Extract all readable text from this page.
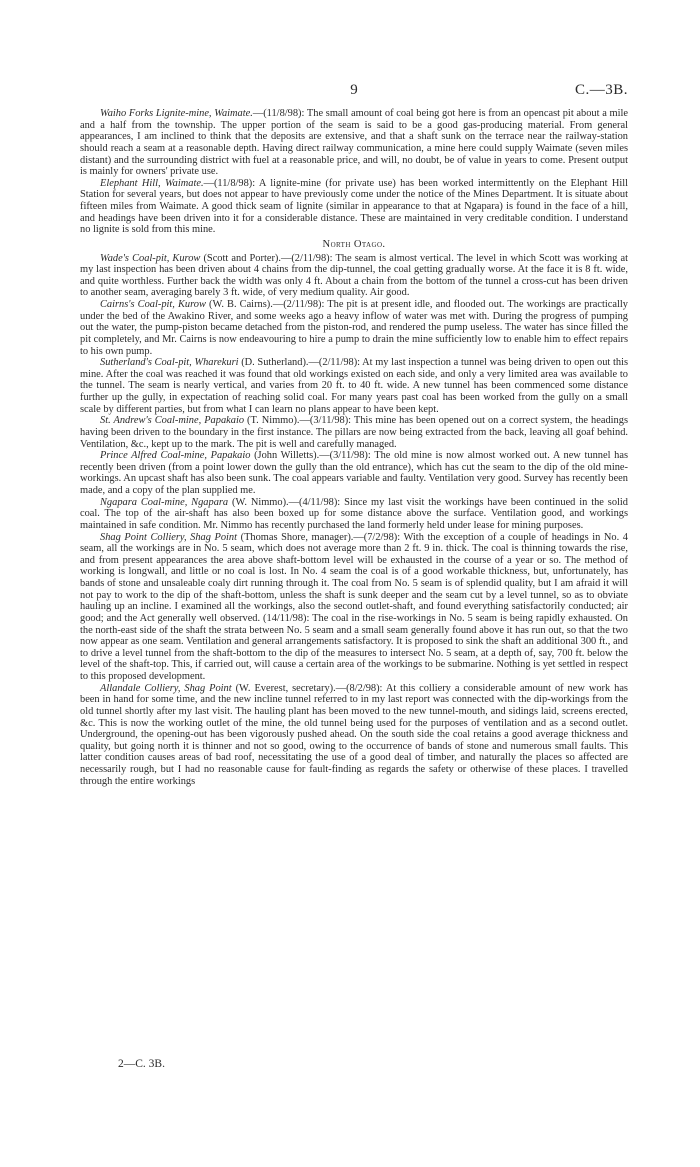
9	C.—3B.

Waiho Forks Lignite-mine, Waimate.—(11/8/98): The small amount of coal being got here is from an opencast pit about a mile and a half from the township. The upper portion of the seam is said to be a good gas-producing material. From general appearances, I am inclined to think that the deposits are extensive, and that a shaft sunk on the terrace near the railway-station should reach a seam at a reasonable depth. Having direct railway communication, a mine here could supply Waimate (seven miles distant) and the surrounding district with fuel at a reasonable price, and will, no doubt, be of value in years to come. Present output is mainly for owners' private use.

Elephant Hill, Waimate.—(11/8/98): A lignite-mine (for private use) has been worked intermittently on the Elephant Hill Station for several years, but does not appear to have previously come under the notice of the Mines Department. It is situate about fifteen miles from Waimate. A good thick seam of lignite (similar in appearance to that at Ngapara) is found in the face of a hill, and headings have been driven into it for a considerable distance. These are maintained in very creditable condition. I understand no lignite is sold from this mine.

North Otago.

Wade's Coal-pit, Kurow (Scott and Porter).—(2/11/98): The seam is almost vertical. The level in which Scott was working at my last inspection has been driven about 4 chains from the dip-tunnel, the coal getting gradually worse. At the face it is 8 ft. wide, and quite worthless. Further back the width was only 4 ft. About a chain from the bottom of the tunnel a cross-cut has been driven to another seam, averaging barely 3 ft. wide, of very medium quality. Air good.

Cairns's Coal-pit, Kurow (W. B. Cairns).—(2/11/98): The pit is at present idle, and flooded out. The workings are practically under the bed of the Awakino River, and some weeks ago a heavy inflow of water was met with. During the progress of pumping out the water, the pump-piston became detached from the piston-rod, and rendered the pump useless. The water has since filled the pit completely, and Mr. Cairns is now endeavouring to hire a pump to drain the mine sufficiently low to enable him to effect repairs to his own pump.

Sutherland's Coal-pit, Wharekuri (D. Sutherland).—(2/11/98): At my last inspection a tunnel was being driven to open out this mine. After the coal was reached it was found that old workings existed on each side, and only a very limited area was available to the tunnel. The seam is nearly vertical, and varies from 20 ft. to 40 ft. wide. A new tunnel has been commenced some distance further up the gully, in expectation of reaching solid coal. For many years past coal has been worked from the gully on a small scale by different parties, but from what I can learn no plans appear to have been kept.

St. Andrew's Coal-mine, Papakaio (T. Nimmo).—(3/11/98): This mine has been opened out on a correct system, the headings having been driven to the boundary in the first instance. The pillars are now being extracted from the back, leaving all goaf behind. Ventilation, &c., kept up to the mark. The pit is well and carefully managed.

Prince Alfred Coal-mine, Papakaio (John Willetts).—(3/11/98): The old mine is now almost worked out. A new tunnel has recently been driven (from a point lower down the gully than the old entrance), which has cut the seam to the dip of the old mine-workings. An upcast shaft has also been sunk. The coal appears variable and faulty. Ventilation very good. Survey has recently been made, and a copy of the plan supplied me.

Ngapara Coal-mine, Ngapara (W. Nimmo).—(4/11/98): Since my last visit the workings have been continued in the solid coal. The top of the air-shaft has also been boxed up for some distance above the surface. Ventilation good, and workings maintained in safe condition. Mr. Nimmo has recently purchased the land formerly held under lease for mining purposes.

Shag Point Colliery, Shag Point (Thomas Shore, manager).—(7/2/98): With the exception of a couple of headings in No. 4 seam, all the workings are in No. 5 seam, which does not average more than 2 ft. 9 in. thick. The coal is thinning towards the rise, and from present appearances the area above shaft-bottom level will be exhausted in the course of a year or so. The method of working is longwall, and little or no coal is lost. In No. 4 seam the coal is of a good workable thickness, but, unfortunately, has bands of stone and unsaleable coaly dirt running through it. The coal from No. 5 seam is of splendid quality, but I am afraid it will not pay to work to the dip of the shaft-bottom, unless the shaft is sunk deeper and the seam cut by a level tunnel, so as to obviate hauling up an incline. I examined all the workings, also the second outlet-shaft, and found everything satisfactorily conducted; air good; and the Act generally well observed. (14/11/98): The coal in the rise-workings in No. 5 seam is being rapidly exhausted. On the north-east side of the shaft the strata between No. 5 seam and a small seam generally found above it has run out, so that the two now appear as one seam. Ventilation and general arrangements satisfactory. It is proposed to sink the shaft an additional 300 ft., and to drive a level tunnel from the shaft-bottom to the dip of the measures to intersect No. 5 seam, at a depth of, say, 700 ft. below the level of the shaft-top. This, if carried out, will cause a certain area of the workings to be submarine. Nothing is yet settled in respect to this proposed development.

Allandale Colliery, Shag Point (W. Everest, secretary).—(8/2/98): At this colliery a considerable amount of new work has been in hand for some time, and the new incline tunnel referred to in my last report was connected with the dip-workings from the old tunnel shortly after my last visit. The hauling plant has been moved to the new tunnel-mouth, and sidings laid, screens erected, &c. This is now the working outlet of the mine, the old tunnel being used for the purposes of ventilation and as a second outlet. Underground, the opening-out has been vigorously pushed ahead. On the south side the coal retains a good average thickness and quality, but going north it is thinner and not so good, owing to the occurrence of bands of stone and numerous small faults. This latter condition causes areas of bad roof, necessitating the use of a good deal of timber, and naturally the places so affected are necessarily rough, but I had no reasonable cause for fault-finding as regards the safety or otherwise of these places. I travelled through the entire workings

2—C. 3B.
